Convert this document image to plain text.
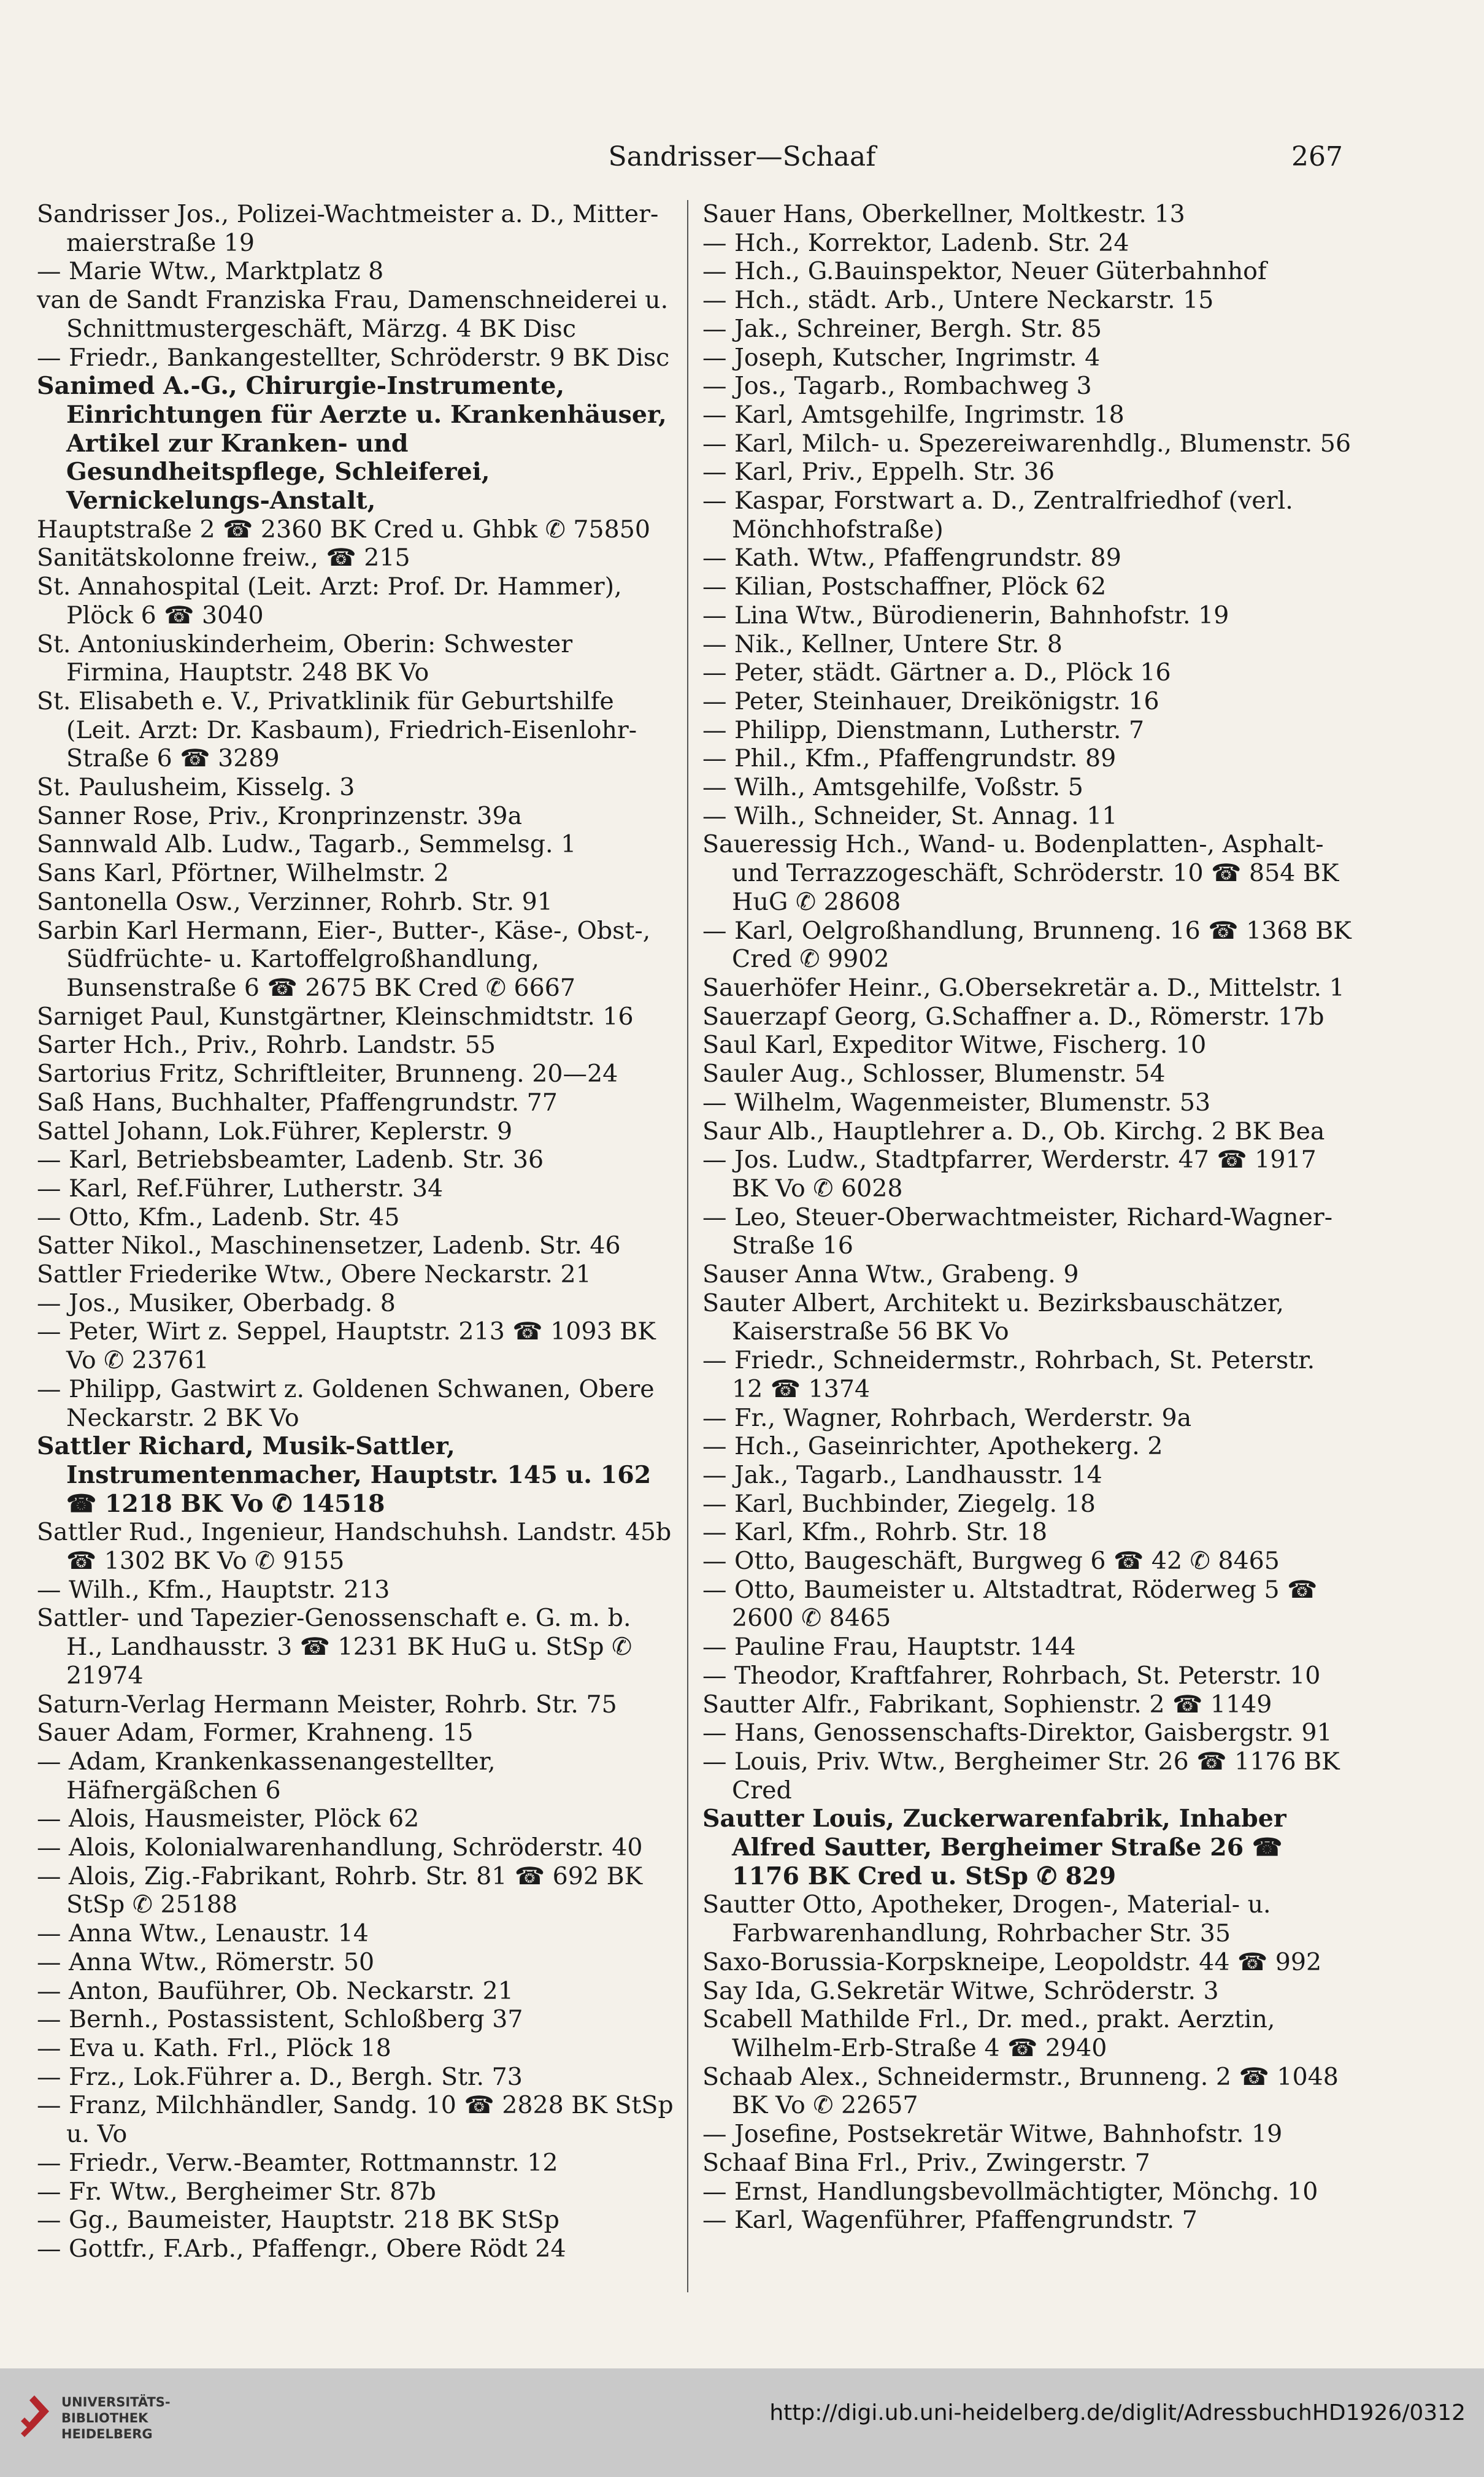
Sandrisser—Schaaf	267

Sandrisser Jos., Polizei-Wachtmeister a. D., Mitter-maierstraße 19

— Marie Wtw., Marktplatz 8

van de Sandt Franziska Frau, Damenschneiderei u. Schnittmustergeschäft, Märzg. 4 BK Disc

— Friedr., Bankangestellter, Schröderstr. 9 BK Disc

Sanimed A.-G., Chirurgie-Instrumente, Einrichtungen für Aerzte u. Krankenhäuser, Artikel zur Kranken- und Gesundheitspflege, Schleiferei, Vernickelungs-Anstalt,

Hauptstraße 2 ☎ 2360 BK Cred u. Ghbk ✆ 75850

Sanitätskolonne freiw., ☎ 215

St. Annahospital (Leit. Arzt: Prof. Dr. Hammer), Plöck 6 ☎ 3040

St. Antoniuskinderheim, Oberin: Schwester Firmina, Hauptstr. 248 BK Vo

St. Elisabeth e. V., Privatklinik für Geburtshilfe (Leit. Arzt: Dr. Kasbaum), Friedrich-Eisenlohr-Straße 6 ☎ 3289

St. Paulusheim, Kisselg. 3

Sanner Rose, Priv., Kronprinzenstr. 39a

Sannwald Alb. Ludw., Tagarb., Semmelsg. 1

Sans Karl, Pförtner, Wilhelmstr. 2

Santonella Osw., Verzinner, Rohrb. Str. 91

Sarbin Karl Hermann, Eier-, Butter-, Käse-, Obst-, Südfrüchte- u. Kartoffelgroßhandlung, Bunsenstraße 6 ☎ 2675 BK Cred ✆ 6667

Sarniget Paul, Kunstgärtner, Kleinschmidtstr. 16

Sarter Hch., Priv., Rohrb. Landstr. 55

Sartorius Fritz, Schriftleiter, Brunneng. 20—24

Saß Hans, Buchhalter, Pfaffengrundstr. 77

Sattel Johann, Lok.Führer, Keplerstr. 9

— Karl, Betriebsbeamter, Ladenb. Str. 36

— Karl, Ref.Führer, Lutherstr. 34

— Otto, Kfm., Ladenb. Str. 45

Satter Nikol., Maschinensetzer, Ladenb. Str. 46

Sattler Friederike Wtw., Obere Neckarstr. 21

— Jos., Musiker, Oberbadg. 8

— Peter, Wirt z. Seppel, Hauptstr. 213 ☎ 1093 BK Vo ✆ 23761

— Philipp, Gastwirt z. Goldenen Schwanen, Obere Neckarstr. 2 BK Vo

Sattler Richard, Musik-Sattler, Instrumentenmacher, Hauptstr. 145 u. 162 ☎ 1218 BK Vo ✆ 14518

Sattler Rud., Ingenieur, Handschuhsh. Landstr. 45b ☎ 1302 BK Vo ✆ 9155

— Wilh., Kfm., Hauptstr. 213

Sattler- und Tapezier-Genossenschaft e. G. m. b. H., Landhausstr. 3 ☎ 1231 BK HuG u. StSp ✆ 21974

Saturn-Verlag Hermann Meister, Rohrb. Str. 75

Sauer Adam, Former, Krahneng. 15

— Adam, Krankenkassenangestellter, Häfnergäßchen 6

— Alois, Hausmeister, Plöck 62

— Alois, Kolonialwarenhandlung, Schröderstr. 40

— Alois, Zig.-Fabrikant, Rohrb. Str. 81 ☎ 692 BK StSp ✆ 25188

— Anna Wtw., Lenaustr. 14

— Anna Wtw., Römerstr. 50

— Anton, Bauführer, Ob. Neckarstr. 21

— Bernh., Postassistent, Schloßberg 37

— Eva u. Kath. Frl., Plöck 18

— Frz., Lok.Führer a. D., Bergh. Str. 73

— Franz, Milchhändler, Sandg. 10 ☎ 2828 BK StSp u. Vo

— Friedr., Verw.-Beamter, Rottmannstr. 12

— Fr. Wtw., Bergheimer Str. 87b

— Gg., Baumeister, Hauptstr. 218 BK StSp

— Gottfr., F.Arb., Pfaffengr., Obere Rödt 24

Sauer Hans, Oberkellner, Moltkestr. 13

— Hch., Korrektor, Ladenb. Str. 24

— Hch., G.Bauinspektor, Neuer Güterbahnhof

— Hch., städt. Arb., Untere Neckarstr. 15

— Jak., Schreiner, Bergh. Str. 85

— Joseph, Kutscher, Ingrimstr. 4

— Jos., Tagarb., Rombachweg 3

— Karl, Amtsgehilfe, Ingrimstr. 18

— Karl, Milch- u. Spezereiwarenhdlg., Blumenstr. 56

— Karl, Priv., Eppelh. Str. 36

— Kaspar, Forstwart a. D., Zentralfriedhof (verl. Mönchhofstraße)

— Kath. Wtw., Pfaffengrundstr. 89

— Kilian, Postschaffner, Plöck 62

— Lina Wtw., Bürodienerin, Bahnhofstr. 19

— Nik., Kellner, Untere Str. 8

— Peter, städt. Gärtner a. D., Plöck 16

— Peter, Steinhauer, Dreikönigstr. 16

— Philipp, Dienstmann, Lutherstr. 7

— Phil., Kfm., Pfaffengrundstr. 89

— Wilh., Amtsgehilfe, Voßstr. 5

— Wilh., Schneider, St. Annag. 11

Saueressig Hch., Wand- u. Bodenplatten-, Asphalt- und Terrazzogeschäft, Schröderstr. 10 ☎ 854 BK HuG ✆ 28608

— Karl, Oelgroßhandlung, Brunneng. 16 ☎ 1368 BK Cred ✆ 9902

Sauerhöfer Heinr., G.Obersekretär a. D., Mittelstr. 1

Sauerzapf Georg, G.Schaffner a. D., Römerstr. 17b

Saul Karl, Expeditor Witwe, Fischerg. 10

Sauler Aug., Schlosser, Blumenstr. 54

— Wilhelm, Wagenmeister, Blumenstr. 53

Saur Alb., Hauptlehrer a. D., Ob. Kirchg. 2 BK Bea

— Jos. Ludw., Stadtpfarrer, Werderstr. 47 ☎ 1917 BK Vo ✆ 6028

— Leo, Steuer-Oberwachtmeister, Richard-Wagner-Straße 16

Sauser Anna Wtw., Grabeng. 9

Sauter Albert, Architekt u. Bezirksbauschätzer, Kaiserstraße 56 BK Vo

— Friedr., Schneidermstr., Rohrbach, St. Peterstr. 12 ☎ 1374

— Fr., Wagner, Rohrbach, Werderstr. 9a

— Hch., Gaseinrichter, Apothekerg. 2

— Jak., Tagarb., Landhausstr. 14

— Karl, Buchbinder, Ziegelg. 18

— Karl, Kfm., Rohrb. Str. 18

— Otto, Baugeschäft, Burgweg 6 ☎ 42 ✆ 8465

— Otto, Baumeister u. Altstadtrat, Röderweg 5 ☎ 2600 ✆ 8465

— Pauline Frau, Hauptstr. 144

— Theodor, Kraftfahrer, Rohrbach, St. Peterstr. 10

Sautter Alfr., Fabrikant, Sophienstr. 2 ☎ 1149

— Hans, Genossenschafts-Direktor, Gaisbergstr. 91

— Louis, Priv. Wtw., Bergheimer Str. 26 ☎ 1176 BK Cred

Sautter Louis, Zuckerwarenfabrik, Inhaber Alfred Sautter, Bergheimer Straße 26 ☎ 1176 BK Cred u. StSp ✆ 829

Sautter Otto, Apotheker, Drogen-, Material- u. Farbwarenhandlung, Rohrbacher Str. 35

Saxo-Borussia-Korpskneipe, Leopoldstr. 44 ☎ 992

Say Ida, G.Sekretär Witwe, Schröderstr. 3

Scabell Mathilde Frl., Dr. med., prakt. Aerztin, Wilhelm-Erb-Straße 4 ☎ 2940

Schaab Alex., Schneidermstr., Brunneng. 2 ☎ 1048 BK Vo ✆ 22657

— Josefine, Postsekretär Witwe, Bahnhofstr. 19

Schaaf Bina Frl., Priv., Zwingerstr. 7

— Ernst, Handlungsbevollmächtigter, Mönchg. 10

— Karl, Wagenführer, Pfaffengrundstr. 7

UNIVERSITÄTS-
BIBLIOTHEK
HEIDELBERG
http://digi.ub.uni-heidelberg.de/diglit/AdressbuchHD1926/0312
